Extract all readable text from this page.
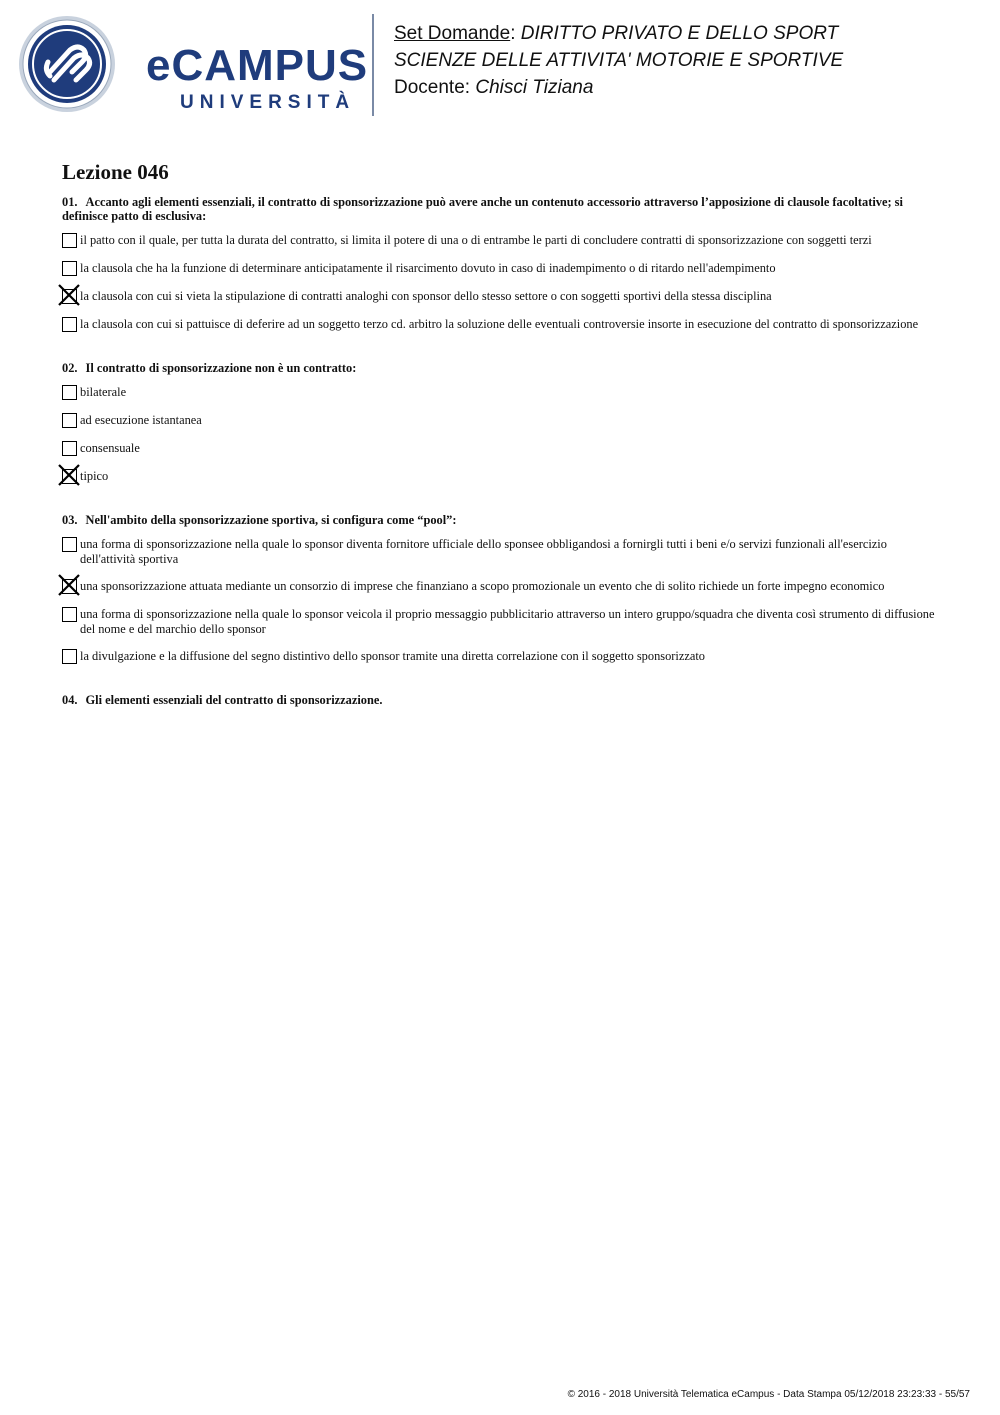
eCAMPUS
UNIVERSITÀ
Set Domande: DIRITTO PRIVATO E DELLO SPORT
SCIENZE DELLE ATTIVITA' MOTORIE E SPORTIVE
Docente: Chisci Tiziana
Lezione 046
01. Accanto agli elementi essenziali, il contratto di sponsorizzazione può avere anche un contenuto accessorio attraverso l’apposizione di clausole facoltative; si definisce patto di esclusiva:
il patto con il quale, per tutta la durata del contratto, si limita il potere di una o di entrambe le parti di concludere contratti di sponsorizzazione con soggetti terzi
la clausola che ha la funzione di determinare anticipatamente il risarcimento dovuto in caso di inadempimento o di ritardo nell'adempimento
la clausola con cui si vieta la stipulazione di contratti analoghi con sponsor dello stesso settore o con soggetti sportivi della stessa disciplina
la clausola con cui si pattuisce di deferire ad un soggetto terzo cd. arbitro la soluzione delle eventuali controversie insorte in esecuzione del contratto di sponsorizzazione
02. Il contratto di sponsorizzazione non è un contratto:
bilaterale
ad esecuzione istantanea
consensuale
tipico
03. Nell'ambito della sponsorizzazione sportiva, si configura come “pool”:
una forma di sponsorizzazione nella quale lo sponsor diventa fornitore ufficiale dello sponsee obbligandosi a fornirgli tutti i beni e/o servizi funzionali all'esercizio dell'attività sportiva
una sponsorizzazione attuata mediante un consorzio di imprese che finanziano a scopo promozionale un evento che di solito richiede un forte impegno economico
una forma di sponsorizzazione nella quale lo sponsor veicola il proprio messaggio pubblicitario attraverso un intero gruppo/squadra che diventa così strumento di diffusione del nome e del marchio dello sponsor
la divulgazione e la diffusione del segno distintivo dello sponsor tramite una diretta correlazione con il soggetto sponsorizzato
04. Gli elementi essenziali del contratto di sponsorizzazione.
© 2016 - 2018 Università Telematica eCampus - Data Stampa 05/12/2018 23:23:33 - 55/57
